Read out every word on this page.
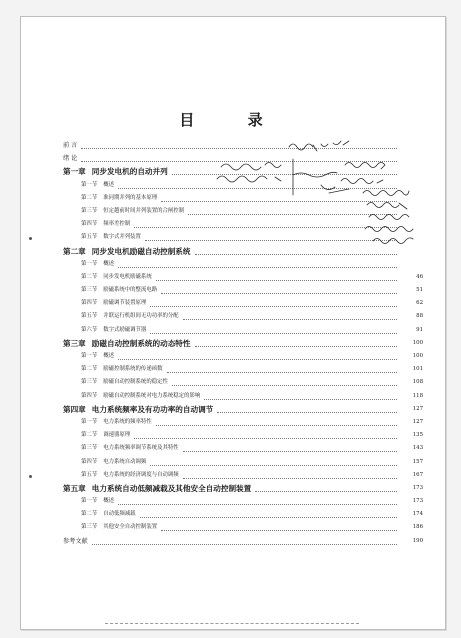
目 录
前 言
绪 论
第一章 同步发电机的自动并列
第一节 概述
第二节 准同期并列的基本原理
第三节 恒定越前时间并列装置的合闸控制
第四节 频率差控制
第五节 数字式并列装置
第二章 同步发电机励磁自动控制系统
第一节 概述
第二节 同步发电机励磁系统	46
第三节 励磁系统中的整流电路	51
第四节 励磁调节装置原理	62
第五节 并联运行机组间无功功率的分配	88
第六节 数字式励磁调节器	91
第三章 励磁自动控制系统的动态特性	100
第一节 概述	100
第二节 励磁控制系统的传递函数	101
第三节 励磁自动控制系统的稳定性	108
第四节 励磁自动控制系统对电力系统稳定的影响	118
第四章 电力系统频率及有功功率的自动调节	127
第一节 电力系统的频率特性	127
第二节 调速器原理	135
第三节 电力系统频率调节系统及其特性	143
第四节 电力系统自动调频	157
第五节 电力系统的经济调度与自动调频	167
第五章 电力系统自动低频减载及其他安全自动控制装置	173
第一节 概述	173
第二节 自动低频减载	174
第三节 其他安全自动控制装置	186
参考文献	190
